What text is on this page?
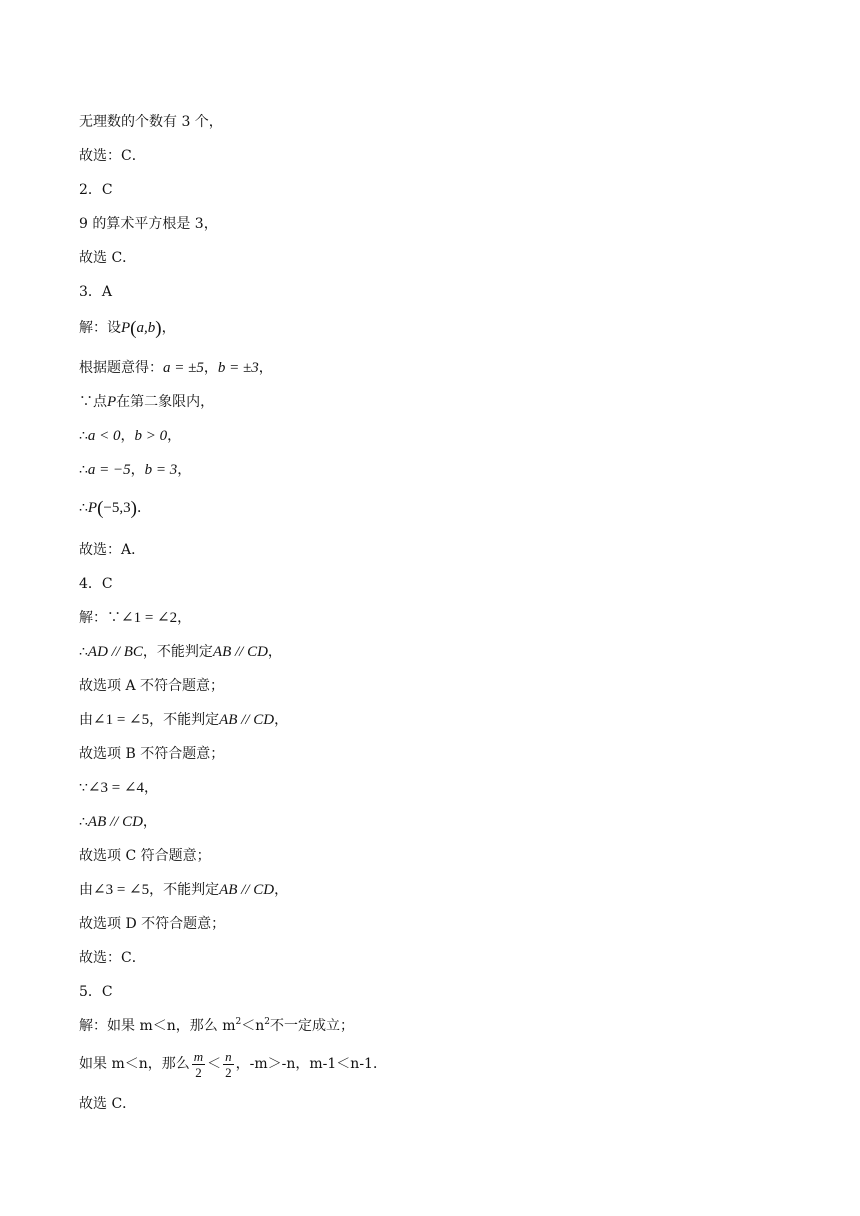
无理数的个数有 3 个，
故选：C．
2．C
9 的算术平方根是 3，
故选 C．
3．A
解：设P(a,b)，
根据题意得：a = ±5，b = ±3，
∵点P在第二象限内，
∴a < 0，b > 0，
∴a = −5，b = 3，
∴P(−5,3)．
故选：A．
4．C
解：∵∠1 = ∠2，
∴AD // BC，不能判定AB // CD，
故选项 A 不符合题意；
由∠1 = ∠5，不能判定AB // CD，
故选项 B 不符合题意；
∵∠3 = ∠4，
∴AB // CD，
故选项 C 符合题意；
由∠3 = ∠5，不能判定AB // CD，
故选项 D 不符合题意；
故选：C．
5．C
解：如果 m＜n，那么 $m^2<n^2$不一定成立；
如果 m＜n，那么 $\frac{m}{2} < \frac{n}{2}$ ，-m＞-n，m-1＜n-1．
故选 C．
